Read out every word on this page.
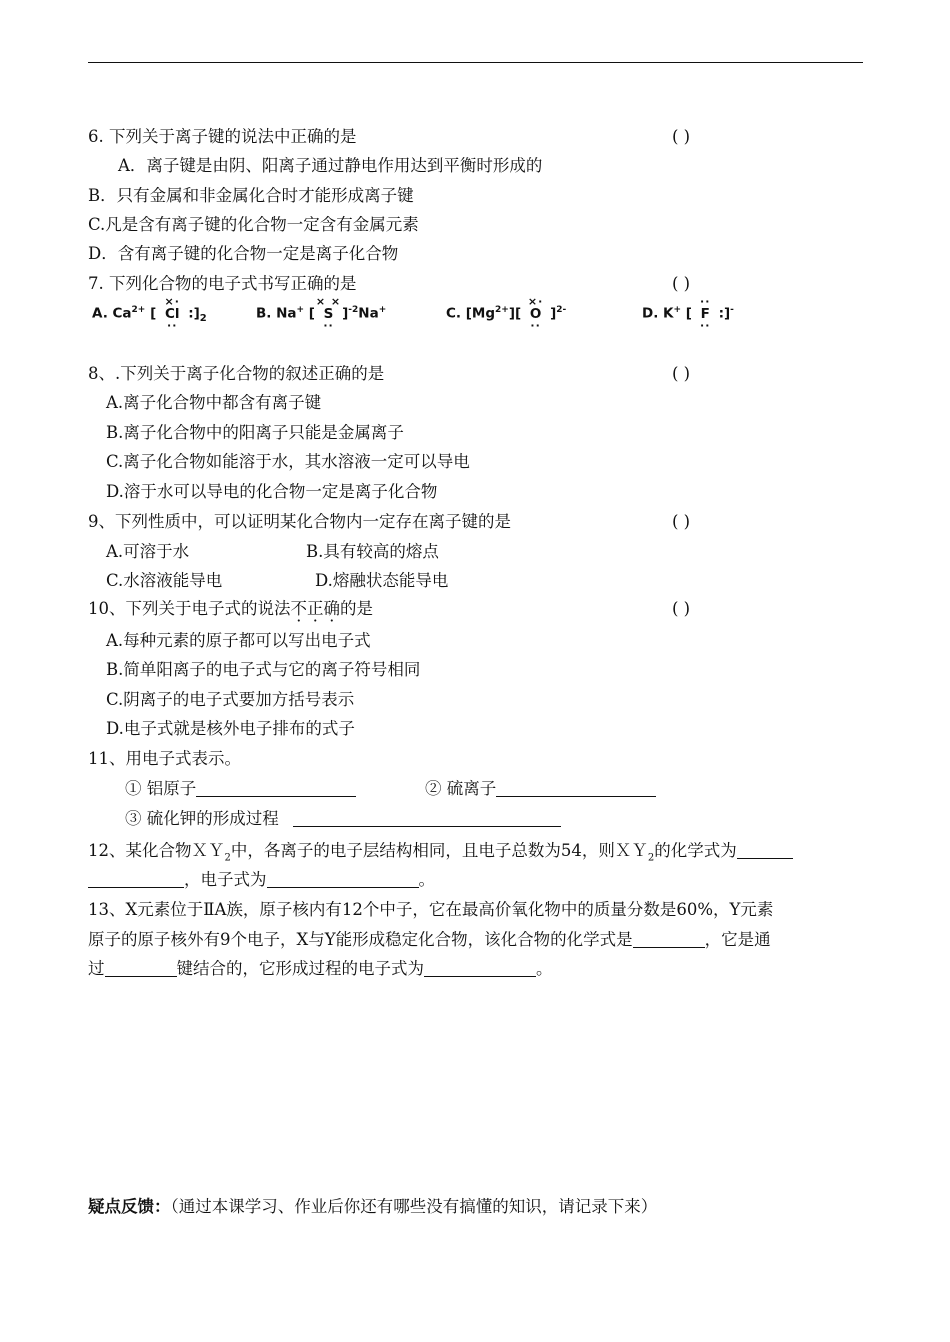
6. 下列关于离子键的说法中正确的是	( )
A．离子键是由阴、阳离子通过静电作用达到平衡时形成的
B．只有金属和非金属化合时才能形成离子键
C.凡是含有离子键的化合物一定含有金属元素
D．含有离子键的化合物一定是离子化合物
7. 下列化合物的电子式书写正确的是	( )
A. $Ca^{2+}$ [
×·
Cl
··
$:]_2$	B. Na+ [
× ×
S
··
]$^{-2}$Na+	C. $[Mg^{2+}]$[
×·
O
··
]$^{2-}$	D. K+ [
··
F
··
:]-
8、.下列关于离子化合物的叙述正确的是	( )
A.离子化合物中都含有离子键
B.离子化合物中的阳离子只能是金属离子
C.离子化合物如能溶于水，其水溶液一定可以导电
D.溶于水可以导电的化合物一定是离子化合物
9、下列性质中，可以证明某化合物内一定存在离子键的是	( )
A.可溶于水	B.具有较高的熔点
C.水溶液能导电	D.熔融状态能导电
10、下列关于电子式的说法不正确的是	( )
A.每种元素的原子都可以写出电子式
B.简单阳离子的电子式与它的离子符号相同
C.阴离子的电子式要加方括号表示
D.电子式就是核外电子排布的式子
11、用电子式表示。
① 铝原子	② 硫离子
③ 硫化钾的形成过程
12、某化合物ＸＹ$_2$中，各离子的电子层结构相同，且电子总数为54，则ＸＹ$_2$的化学式为
，电子式为	。
13、X元素位于ⅡA族，原子核内有12个中子，它在最高价氧化物中的质量分数是60%，Y元素
原子的原子核外有9个电子，X与Y能形成稳定化合物，该化合物的化学式是	，它是通
过	键结合的，它形成过程的电子式为	。
疑点反馈：（通过本课学习、作业后你还有哪些没有搞懂的知识，请记录下来）
